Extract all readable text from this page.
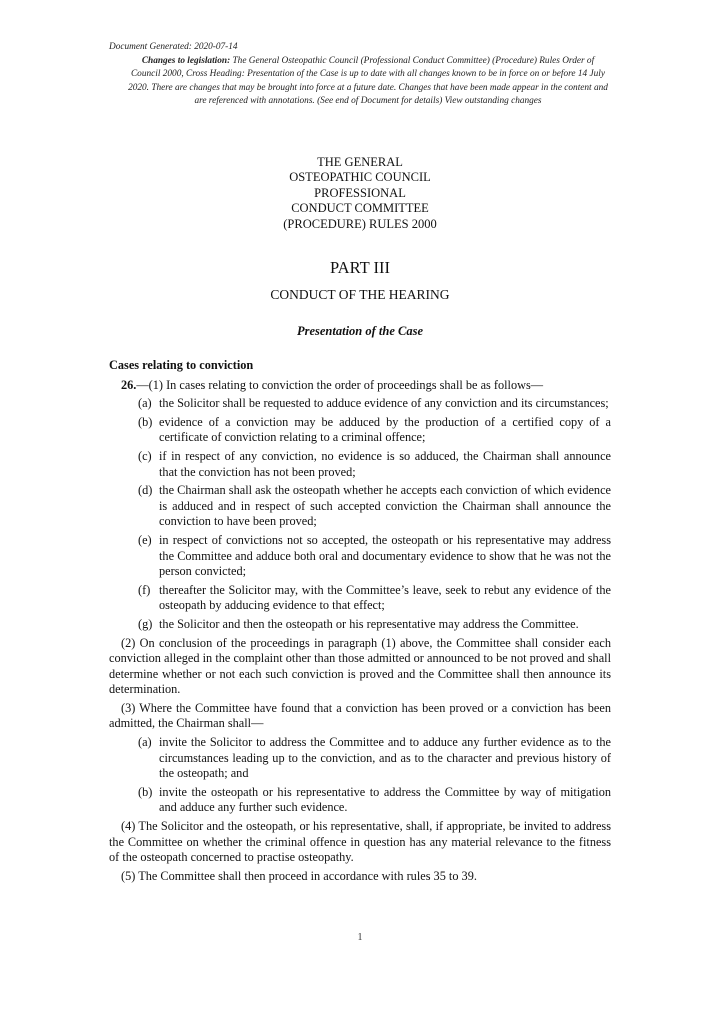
Document Generated: 2020-07-14
Changes to legislation: The General Osteopathic Council (Professional Conduct Committee) (Procedure) Rules Order of Council 2000, Cross Heading: Presentation of the Case is up to date with all changes known to be in force on or before 14 July 2020. There are changes that may be brought into force at a future date. Changes that have been made appear in the content and are referenced with annotations. (See end of Document for details) View outstanding changes
THE GENERAL
OSTEOPATHIC COUNCIL
PROFESSIONAL
CONDUCT COMMITTEE
(PROCEDURE) RULES 2000
PART III
CONDUCT OF THE HEARING
Presentation of the Case
Cases relating to conviction
26.—(1) In cases relating to conviction the order of proceedings shall be as follows—
(a) the Solicitor shall be requested to adduce evidence of any conviction and its circumstances;
(b) evidence of a conviction may be adduced by the production of a certified copy of a certificate of conviction relating to a criminal offence;
(c) if in respect of any conviction, no evidence is so adduced, the Chairman shall announce that the conviction has not been proved;
(d) the Chairman shall ask the osteopath whether he accepts each conviction of which evidence is adduced and in respect of such accepted conviction the Chairman shall announce the conviction to have been proved;
(e) in respect of convictions not so accepted, the osteopath or his representative may address the Committee and adduce both oral and documentary evidence to show that he was not the person convicted;
(f) thereafter the Solicitor may, with the Committee’s leave, seek to rebut any evidence of the osteopath by adducing evidence to that effect;
(g) the Solicitor and then the osteopath or his representative may address the Committee.
(2) On conclusion of the proceedings in paragraph (1) above, the Committee shall consider each conviction alleged in the complaint other than those admitted or announced to be not proved and shall determine whether or not each such conviction is proved and the Committee shall then announce its determination.
(3) Where the Committee have found that a conviction has been proved or a conviction has been admitted, the Chairman shall—
(a) invite the Solicitor to address the Committee and to adduce any further evidence as to the circumstances leading up to the conviction, and as to the character and previous history of the osteopath; and
(b) invite the osteopath or his representative to address the Committee by way of mitigation and adduce any further such evidence.
(4) The Solicitor and the osteopath, or his representative, shall, if appropriate, be invited to address the Committee on whether the criminal offence in question has any material relevance to the fitness of the osteopath concerned to practise osteopathy.
(5) The Committee shall then proceed in accordance with rules 35 to 39.
1
